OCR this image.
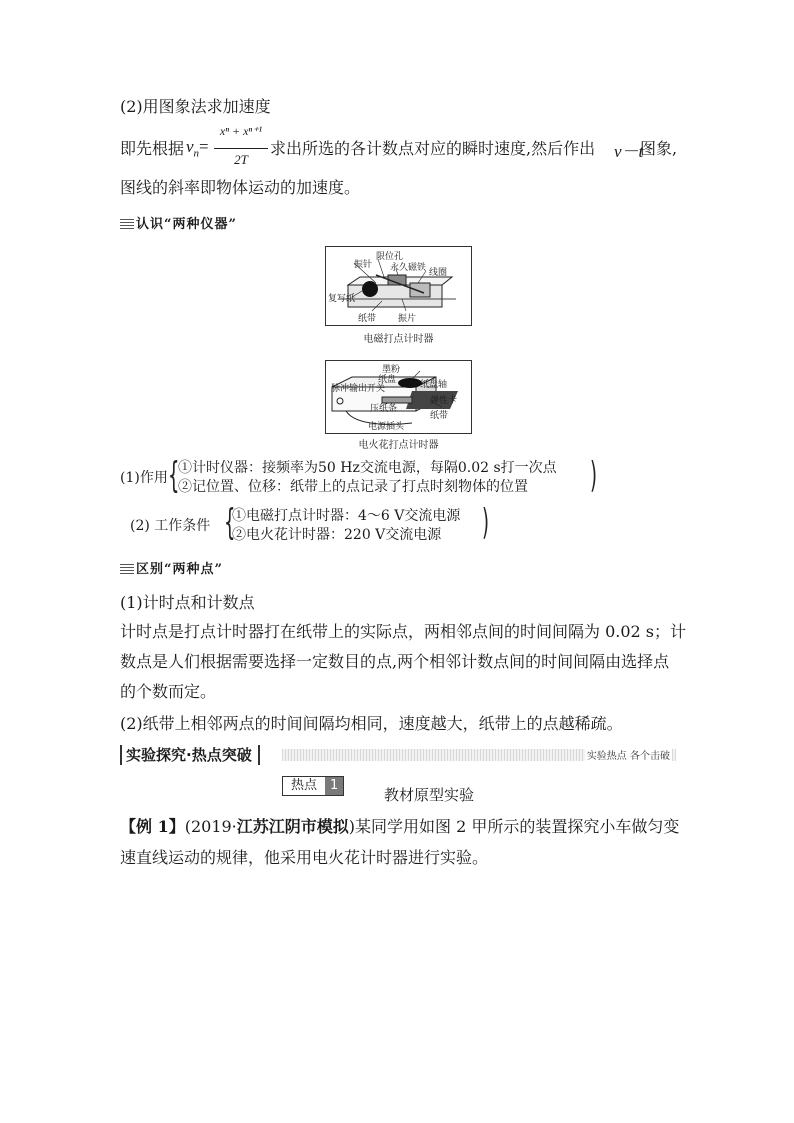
(2)用图象法求加速度
即先根据 $v_n=$
xⁿ + xⁿ⁺¹
2T
求出所选的各计数点对应的瞬时速度,然后作出 v－t
图象,
图线的斜率即物体运动的加速度。
认识“两种仪器”
限位孔
振针 永久磁铁 线圈
复写纸
纸带 振片
电磁打点计时器
墨粉
纸盘	纸盘轴
脉冲输出开关
弹性卡
压纸条
纸带
电源插头
电火花打点计时器
(1)作用 {
①计时仪器：接频率为50 Hz交流电源，每隔0.02 s打一次点
②记位置、位移：纸带上的点记录了打点时刻物体的位置 )
(2) 工作条件 {
①电磁打点计时器：4～6 V交流电源
②电火花计时器：220 V交流电源 )
区别“两种点”
(1)计时点和计数点
计时点是打点计时器打在纸带上的实际点，两相邻点间的时间间隔为 0.02 s；计
数点是人们根据需要选择一定数目的点,两个相邻计数点间的时间间隔由选择点
的个数而定。
(2)纸带上相邻两点的时间间隔均相同，速度越大，纸带上的点越稀疏。
实验探究·热点突破	实验热点 各个击破
热点	1
教材原型实验
【例 1】(2019·江苏江阴市模拟)某同学用如图 2 甲所示的装置探究小车做匀变
速直线运动的规律，他采用电火花计时器进行实验。
